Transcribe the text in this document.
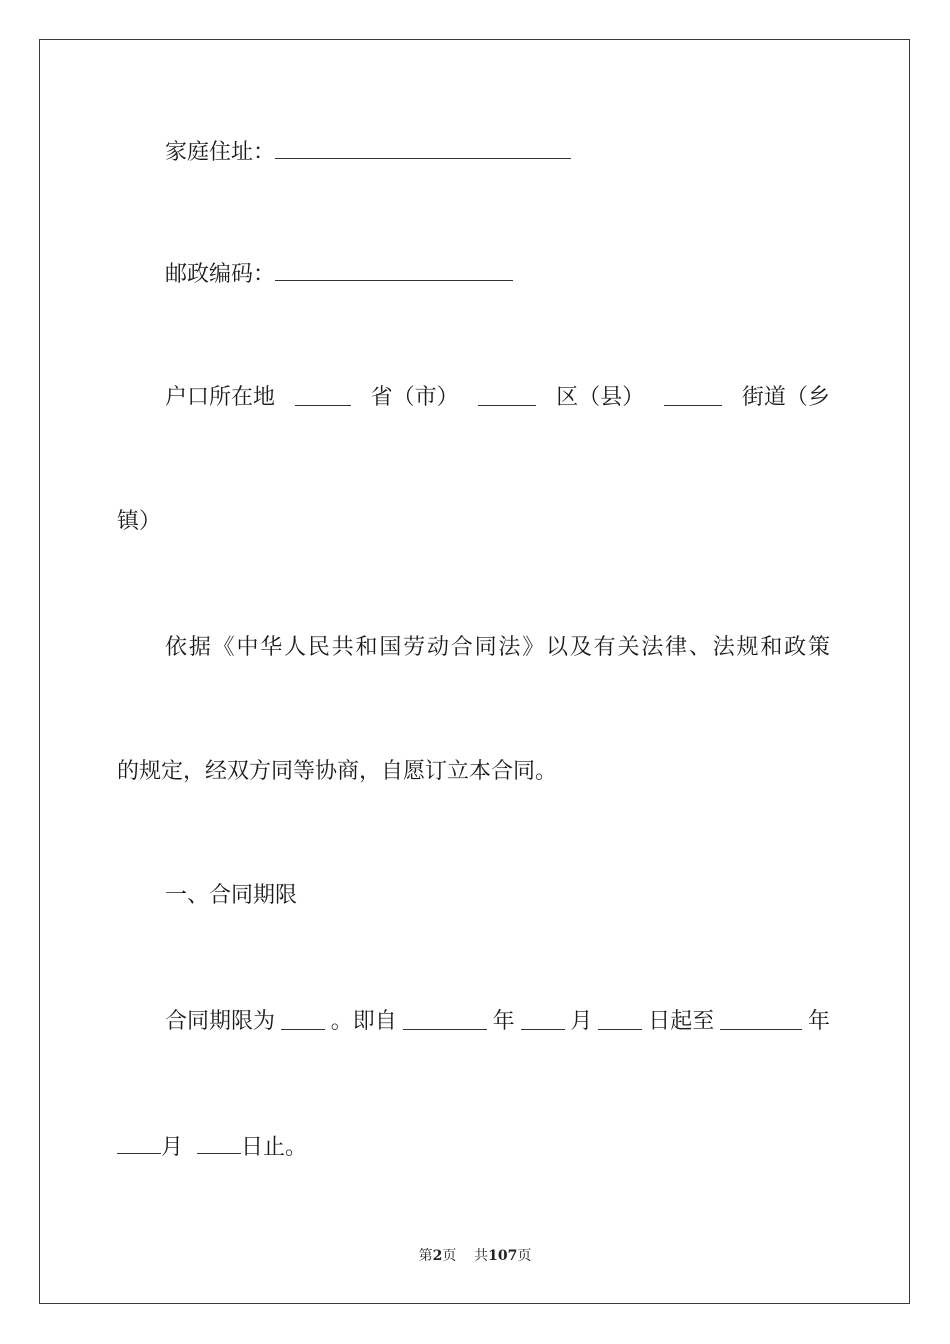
家庭住址：
邮政编码：
户口所在地	省（市）	区（县）	街道（乡
镇）
依据《中华人民共和国劳动合同法》以及有关法律、法规和政策
的规定，经双方同等协商，自愿订立本合同。
一、合同期限
合同期限为	。即自	年	月	日起至	年
月	日止。
第2页 共107页
